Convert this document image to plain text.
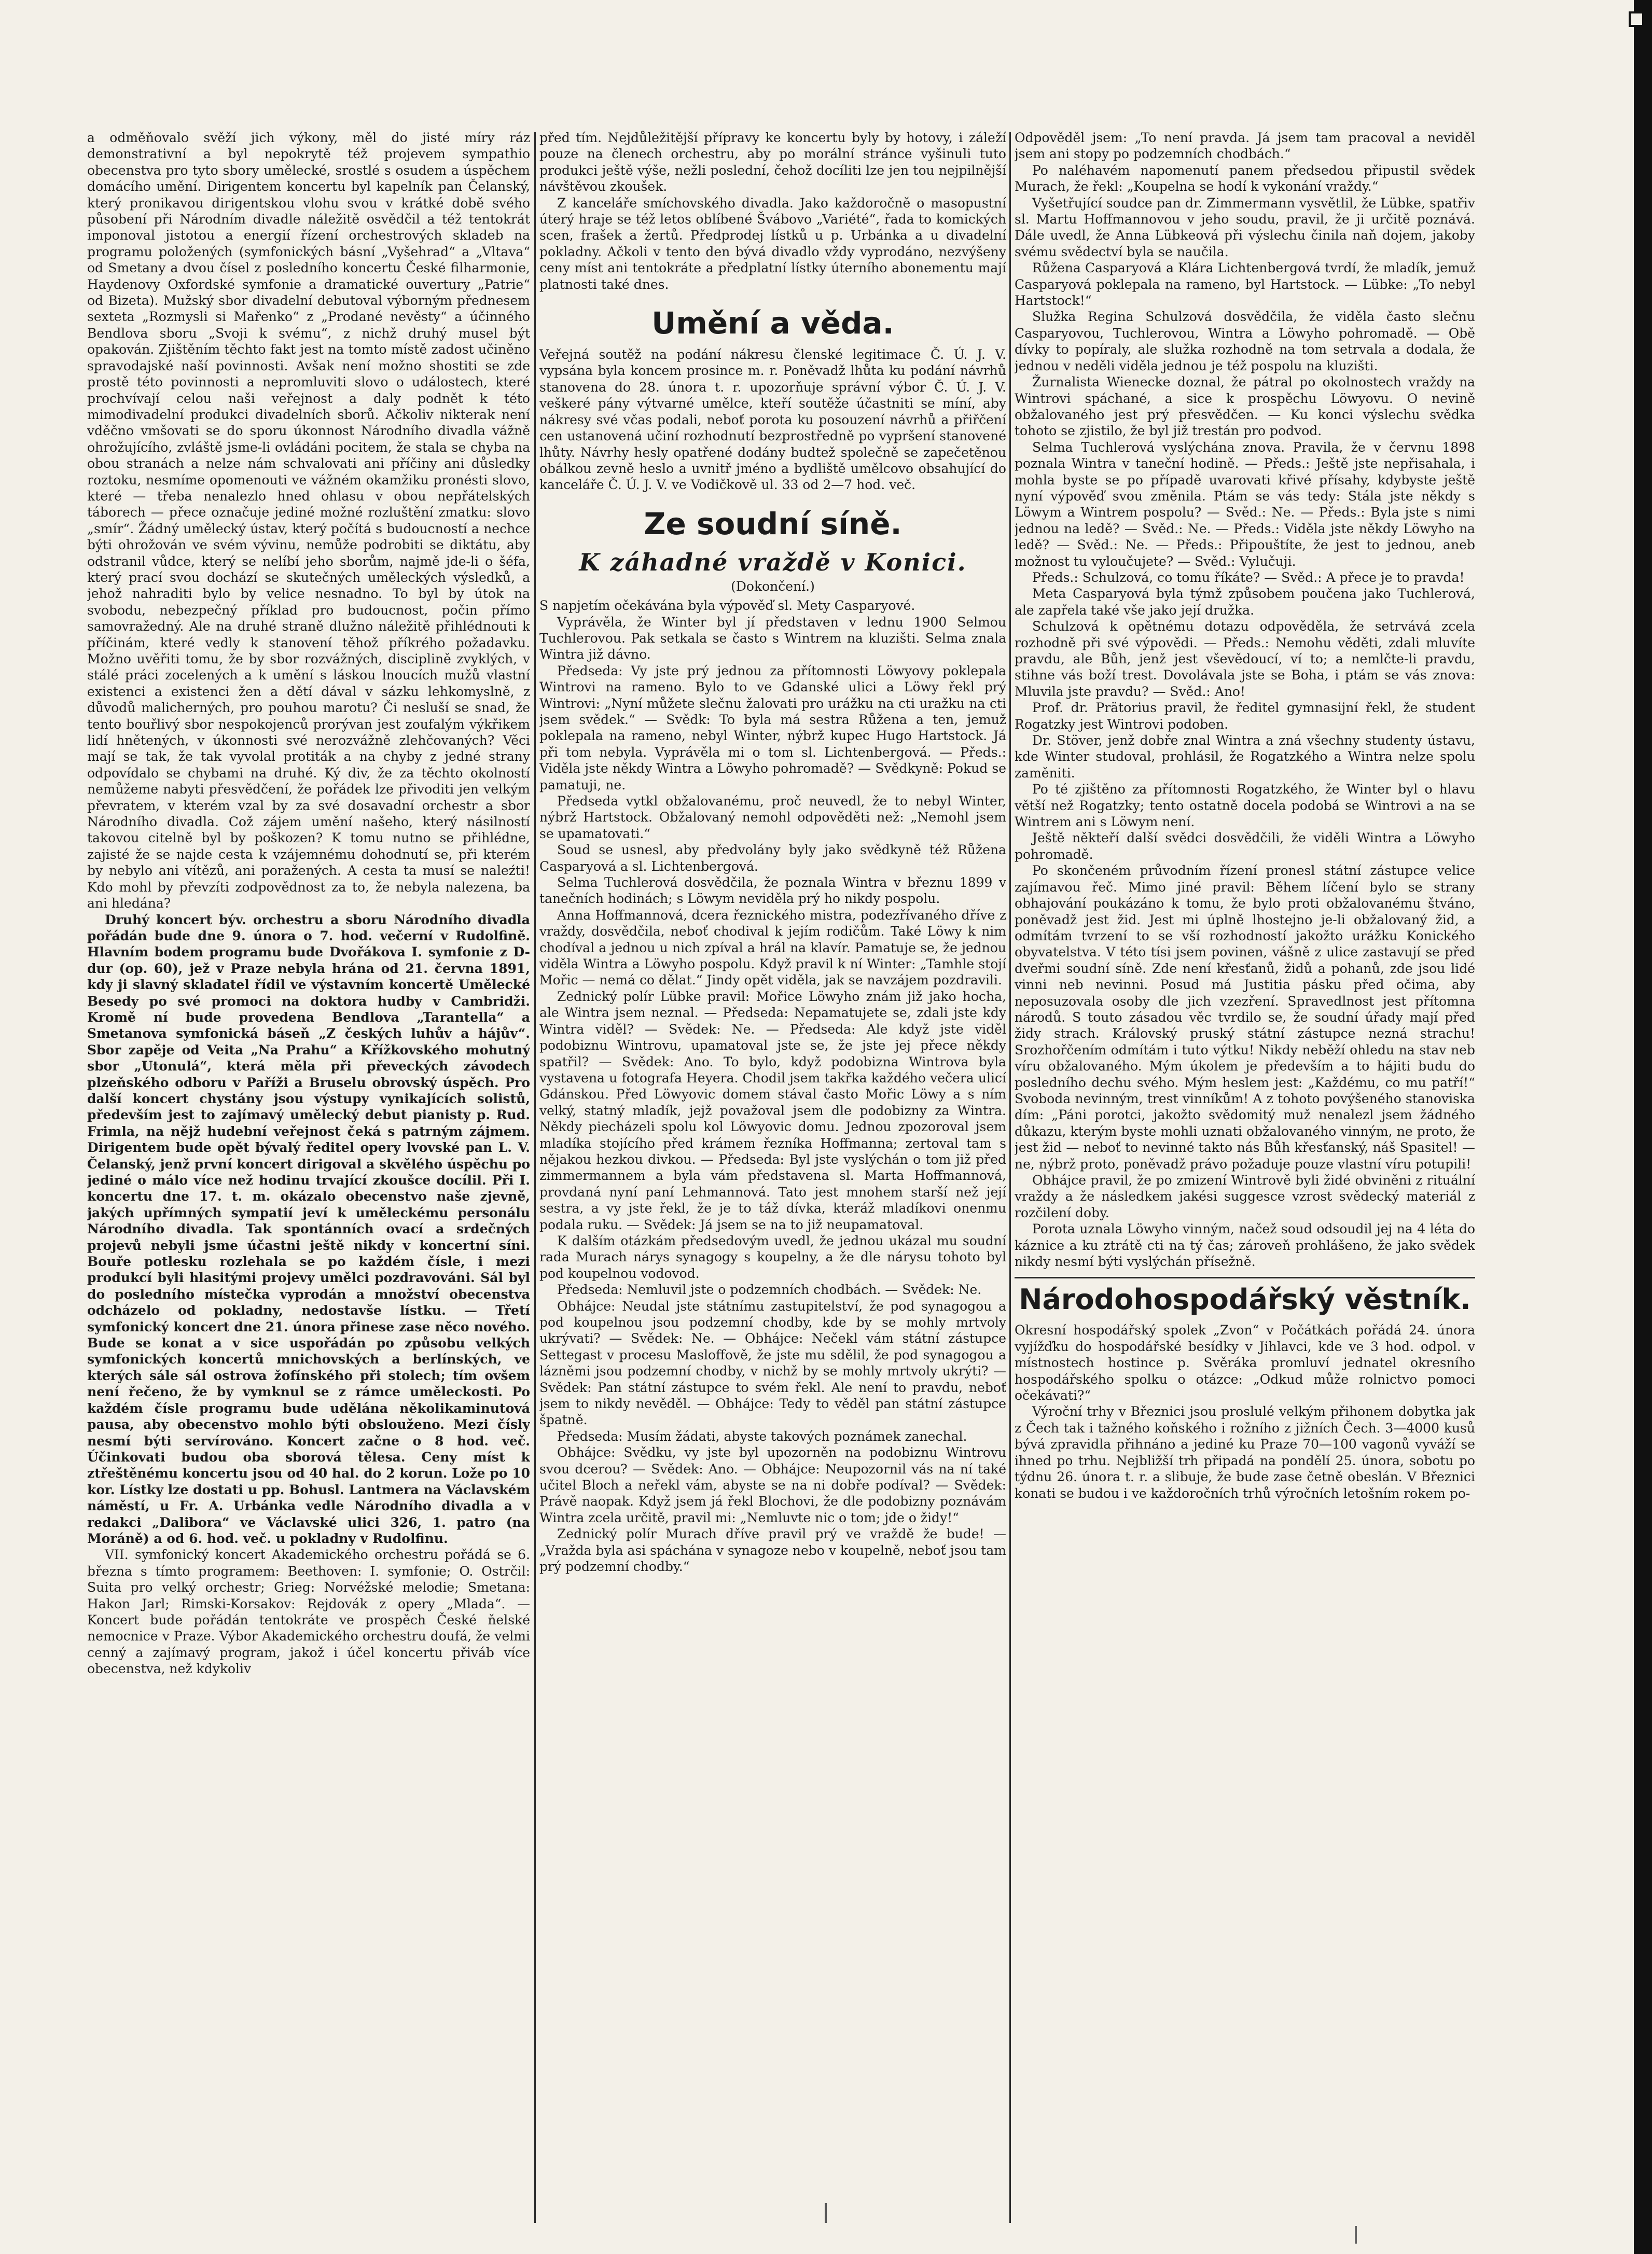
a odměňovalo svěží jich výkony, měl do jisté míry ráz demonstrativní a byl nepokrytě též projevem sympathio obecenstva pro tyto sbory umělecké, srostlé s osudem a úspěchem domácího umění. Dirigentem koncertu byl kapelník pan Čelanský, který pronikavou dirigentskou vlohu svou v krátké době svého působení při Národním divadle náležitě osvědčil a též tentokrát imponoval jistotou a energií řízení orchestrových skladeb na programu položených (symfonických básní „Vyšehrad“ a „Vltava“ od Smetany a dvou čísel z posledního koncertu České filharmonie, Haydenovy Oxfordské symfonie a dramatické ouvertury „Patrie“ od Bizeta). Mužský sbor divadelní debutoval výborným přednesem sexteta „Rozmysli si Mařenko“ z „Prodané nevěsty“ a účinného Bendlova sboru „Svoji k svému“, z nichž druhý musel být opakován. Zjištěním těchto fakt jest na tomto místě zadost učiněno spravodajské naší povinnosti. Avšak není možno shostiti se zde prostě této povinnosti a nepromluviti slovo o událostech, které prochvívají celou naši veřejnost a daly podnět k této mimodivadelní produkci divadelních sborů. Ačkoliv nikterak není vděčno vmšovati se do sporu úkonnost Národního divadla vážně ohrožujícího, zvláště jsme-li ovládáni pocitem, že stala se chyba na obou stranách a nelze nám schvalovati ani příčiny ani důsledky roztoku, nesmíme opomenouti ve vážném okamžiku pronésti slovo, které — třeba nenalezlo hned ohlasu v obou nepřátelských táborech — přece označuje jediné možné rozluštění zmatku: slovo „smír“. Žádný umělecký ústav, který počítá s budoucností a nechce býti ohrožován ve svém vývinu, nemůže podrobiti se diktátu, aby odstranil vůdce, který se nelíbí jeho sborům, najmě jde-li o šéfa, který prací svou dochází se skutečných uměleckých výsledků, a jehož nahraditi bylo by velice nesnadno. To byl by útok na svobodu, nebezpečný příklad pro budoucnost, počin přímo samovražedný. Ale na druhé straně dlužno náležitě přihlédnouti k příčinám, které vedly k stanovení těhož příkrého požadavku. Možno uvěřiti tomu, že by sbor rozvážných, disciplině zvyklých, v stálé práci zocelených a k umění s láskou lnoucích mužů vlastní existenci a existenci žen a dětí dával v sázku lehkomyslně, z důvodů malicherných, pro pouhou marotu? Či nesluší se snad, že tento bouřlivý sbor nespokojenců prorývan jest zoufalým výkřikem lidí hnětených, v úkonnosti své nerozvážně zlehčovaných? Věci mají se tak, že tak vyvolal protiták a na chyby z jedné strany odpovídalo se chybami na druhé. Ký div, že za těchto okolností nemůžeme nabyti přesvědčení, že pořádek lze přivoditi jen velkým převratem, v kterém vzal by za své dosavadní orchestr a sbor Národního divadla. Což zájem umění našeho, který násilností takovou citelně byl by poškozen? K tomu nutno se přihlédne, zajisté že se najde cesta k vzájemnému dohodnutí se, při kterém by nebylo ani vítězů, ani poražených. A cesta ta musí se naleźti! Kdo mohl by převzíti zodpovědnost za to, že nebyla nalezena, ba ani hledána?

Druhý koncert býv. orchestru a sboru Národního divadla pořádán bude dne 9. února o 7. hod. večerní v Rudolfině. Hlavním bodem programu bude Dvořákova I. symfonie z D-dur (op. 60), jež v Praze nebyla hrána od 21. června 1891, kdy ji slavný skladatel řídil ve výstavním koncertě Umělecké Besedy po své promoci na doktora hudby v Cambridži. Kromě ní bude provedena Bendlova „Tarantella“ a Smetanova symfonická báseň „Z českých luhův a hájův“. Sbor zapěje od Veita „Na Prahu“ a Křížkovského mohutný sbor „Utonulá“, která měla při převeckých závodech plzeňského odboru v Paříži a Bruselu obrovský úspěch. Pro další koncert chystány jsou výstupy vynikajících solistů, především jest to zajímavý umělecký debut pianisty p. Rud. Frimla, na nějž hudební veřejnost čeká s patrným zájmem. Dirigentem bude opět bývalý ředitel opery lvovské pan L. V. Čelanský, jenž první koncert dirigoval a skvělého úspěchu po jediné o málo více než hodinu trvající zkoušce docílil. Při I. koncertu dne 17. t. m. okázalo obecenstvo naše zjevně, jakých upřímných sympatií jeví k uměleckému personálu Národního divadla. Tak spontánních ovací a srdečných projevů nebyli jsme účastni ještě nikdy v koncertní síni. Bouře potlesku rozlehala se po každém čísle, i mezi produkcí byli hlasitými projevy umělci pozdravováni. Sál byl do posledního místečka vyprodán a množství obecenstva odcházelo od pokladny, nedostavše lístku. — Třetí symfonický koncert dne 21. února přinese zase něco nového. Bude se konat a v sice uspořádán po způsobu velkých symfonických koncertů mnichovských a berlínských, ve kterých sále sál ostrova žofínského při stolech; tím ovšem není řečeno, že by vymknul se z rámce uměleckosti. Po každém čísle programu bude udělána několikaminutová pausa, aby obecenstvo mohlo býti obslouženo. Mezi čísly nesmí býti servírováno. Koncert začne o 8 hod. več. Účinkovati budou oba sborová tělesa. Ceny míst k ztřeštěnému koncertu jsou od 40 hal. do 2 korun. Lože po 10 kor. Lístky lze dostati u pp. Bohusl. Lantmera na Václavském náměstí, u Fr. A. Urbánka vedle Národního divadla a v redakci „Dalibora“ ve Václavské ulici 326, 1. patro (na Moráně) a od 6. hod. več. u pokladny v Rudolfinu.

VII. symfonický koncert Akademického orchestru pořádá se 6. března s tímto programem: Beethoven: I. symfonie; O. Ostrčil: Suita pro velký orchestr; Grieg: Norvéžské melodie; Smetana: Hakon Jarl; Rimski-Korsakov: Rejdovák z opery „Mlada“. — Koncert bude pořádán tentokráte ve prospěch České ňelské nemocnice v Praze. Výbor Akademického orchestru doufá, že velmi cenný a zajímavý program, jakož i účel koncertu přiváb více obecenstva, než kdykoliv

před tím. Nejdůležitější přípravy ke koncertu byly by hotovy, i záleží pouze na členech orchestru, aby po morální stránce vyšinuli tuto produkci ještě výše, nežli poslední, čehož docíliti lze jen tou nejpilnější návštěvou zkoušek.

Z kanceláře smíchovského divadla. Jako každoročně o masopustní úterý hraje se též letos oblíbené Švábovo „Variété“, řada to komických scen, frašek a žertů. Předprodej lístků u p. Urbánka a u divadelní pokladny. Ačkoli v tento den bývá divadlo vždy vyprodáno, nezvýšeny ceny míst ani tentokráte a předplatní lístky úterního abonementu mají platnosti také dnes.

Umění a věda.

Veřejná soutěž na podání nákresu členské legitimace Č. Ú. J. V. vypsána byla koncem prosince m. r. Poněvadž lhůta ku podání návrhů stanovena do 28. února t. r. upozorňuje správní výbor Č. Ú. J. V. veškeré pány výtvarné umělce, kteří soutěže účastniti se míní, aby nákresy své včas podali, neboť porota ku posouzení návrhů a přiřčení cen ustanovená učiní rozhodnutí bezprostředně po vypršení stanovené lhůty. Návrhy hesly opatřené dodány budtež společně se zapečetěnou obálkou zevně heslo a uvnitř jméno a bydliště umělcovo obsahující do kanceláře Č. Ú. J. V. ve Vodičkově ul. 33 od 2—7 hod. več.

Ze soudní síně.
K záhadné vraždě v Konici.
(Dokončení.)

S napjetím očekávána byla výpověď sl. Mety Casparyové.

Vyprávěla, že Winter byl jí představen v lednu 1900 Selmou Tuchlerovou. Pak setkala se často s Wintrem na kluzišti. Selma znala Wintra již dávno.

Předseda: Vy jste prý jednou za přítomnosti Löwyovy poklepala Wintrovi na rameno. Bylo to ve Gdanské ulici a Löwy řekl prý Wintrovi: „Nyní můžete slečnu žalovati pro urážku na cti uražku na cti jsem svědek.“ — Svědk: To byla má sestra Růžena a ten, jemuž poklepala na rameno, nebyl Winter, nýbrž kupec Hugo Hartstock. Já při tom nebyla. Vyprávěla mi o tom sl. Lichtenbergová. — Předs.: Viděla jste někdy Wintra a Löwyho pohromadě? — Svědkyně: Pokud se pamatuji, ne.

Předseda vytkl obžalovanému, proč neuvedl, že to nebyl Winter, nýbrž Hartstock. Obžalovaný nemohl odpověděti než: „Nemohl jsem se upamatovati.“

Soud se usnesl, aby předvolány byly jako svědkyně též Růžena Casparyová a sl. Lichtenbergová.

Selma Tuchlerová dosvědčila, že poznala Wintra v březnu 1899 v tanečních hodinách; s Löwym neviděla prý ho nikdy pospolu.

Anna Hoffmannová, dcera řeznického mistra, podezřívaného dříve z vraždy, dosvědčila, neboť chodival k jejím rodičům. Také Löwy k nim chodíval a jednou u nich zpíval a hrál na klavír. Pamatuje se, že jednou viděla Wintra a Löwyho pospolu. Když pravil k ní Winter: „Tamhle stojí Mořic — nemá co dělat.“ Jindy opět viděla, jak se navzájem pozdravili.

Zednický polír Lübke pravil: Mořice Löwyho znám již jako hocha, ale Wintra jsem neznal. — Předseda: Nepamatujete se, zdali jste kdy Wintra viděl? — Svědek: Ne. — Předseda: Ale když jste viděl podobiznu Wintrovu, upamatoval jste se, že jste jej přece někdy spatřil? — Svědek: Ano. To bylo, když podobizna Wintrova byla vystavena u fotografa Heyera. Chodil jsem takřka každého večera ulicí Gdánskou. Před Löwyovic domem stával často Mořic Löwy a s ním velký, statný mladík, jejž považoval jsem dle podobizny za Wintra. Někdy piecházeli spolu kol Löwyovic domu. Jednou zpozoroval jsem mladíka stojícího před krámem řezníka Hoffmanna; zertoval tam s nějakou hezkou divkou. — Předseda: Byl jste vyslýchán o tom již před zimmermannem a byla vám představena sl. Marta Hoffmannová, provdaná nyní paní Lehmannová. Tato jest mnohem starší než její sestra, a vy jste řekl, že je to táž dívka, kteráž mladíkovi onenmu podala ruku. — Svědek: Já jsem se na to již neupamatoval.

K dalším otázkám předsedovým uvedl, že jednou ukázal mu soudní rada Murach nárys synagogy s koupelny, a že dle nárysu tohoto byl pod koupelnou vodovod.

Předseda: Nemluvil jste o podzemních chodbách. — Svědek: Ne.

Obhájce: Neudal jste státnímu zastupitelství, že pod synagogou a pod koupelnou jsou podzemní chodby, kde by se mohly mrtvoly ukrývati? — Svědek: Ne. — Obhájce: Nečekl vám státní zástupce Settegast v procesu Masloffově, že jste mu sdělil, že pod synagogou a lázněmi jsou podzemní chodby, v nichž by se mohly mrtvoly ukrýti? — Svědek: Pan státní zástupce to svém řekl. Ale není to pravdu, neboť jsem to nikdy nevěděl. — Obhájce: Tedy to věděl pan státní zástupce špatně.

Předseda: Musím žádati, abyste takových poznámek zanechal.

Obhájce: Svědku, vy jste byl upozorněn na podobiznu Wintrovu svou dcerou? — Svědek: Ano. — Obhájce: Neupozornil vás na ní také učitel Bloch a neřekl vám, abyste se na ni dobře podíval? — Svědek: Právě naopak. Když jsem já řekl Blochovi, že dle podobizny poznávám Wintra zcela určitě, pravil mi: „Nemluvte nic o tom; jde o židy!“

Zednický polír Murach dříve pravil prý ve vraždě že bude! — „Vražda byla asi spáchána v synagoze nebo v koupelně, neboť jsou tam prý podzemní chodby.“

Odpověděl jsem: „To není pravda. Já jsem tam pracoval a neviděl jsem ani stopy po podzemních chodbách.“

Po naléhavém napomenutí panem předsedou připustil svědek Murach, že řekl: „Koupelna se hodí k vykonání vraždy.“

Vyšetřující soudce pan dr. Zimmermann vysvětlil, že Lübke, spatřiv sl. Martu Hoffmannovou v jeho soudu, pravil, že ji určitě poznává. Dále uvedl, že Anna Lübkeová při výslechu činila naň dojem, jakoby svému svědectví byla se naučila.

Růžena Casparyová a Klára Lichtenbergová tvrdí, že mladík, jemuž Casparyová poklepala na rameno, byl Hartstock. — Lübke: „To nebyl Hartstock!“

Služka Regina Schulzová dosvědčila, že viděla často slečnu Casparyovou, Tuchlerovou, Wintra a Löwyho pohromadě. — Obě dívky to popíraly, ale služka rozhodně na tom setrvala a dodala, že jednou v neděli viděla jednou je též pospolu na kluzišti.

Žurnalista Wienecke doznal, že pátral po okolnostech vraždy na Wintrovi spáchané, a sice k prospěchu Löwyovu. O nevině obžalovaného jest prý přesvědčen. — Ku konci výslechu svědka tohoto se zjistilo, že byl již trestán pro podvod.

Selma Tuchlerová vyslýchána znova. Pravila, že v červnu 1898 poznala Wintra v taneční hodině. — Předs.: Ještě jste nepřisahala, i mohla byste se po případě uvarovati křivé přísahy, kdybyste ještě nyní výpověď svou změnila. Ptám se vás tedy: Stála jste někdy s Löwym a Wintrem pospolu? — Svěd.: Ne. — Předs.: Byla jste s nimi jednou na ledě? — Svěd.: Ne. — Předs.: Viděla jste někdy Löwyho na ledě? — Svěd.: Ne. — Předs.: Připouštíte, že jest to jednou, aneb možnost tu vyloučujete? — Svěd.: Vylučuji.

Předs.: Schulzová, co tomu říkáte? — Svěd.: A přece je to pravda!

Meta Casparyová byla týmž způsobem poučena jako Tuchlerová, ale zapřela také vše jako její družka.

Schulzová k opětnému dotazu odpověděla, že setrvává zcela rozhodně při své výpovědi. — Předs.: Nemohu věděti, zdali mluvíte pravdu, ale Bůh, jenž jest vševědoucí, ví to; a nemlčte-li pravdu, stihne vás boží trest. Dovolávala jste se Boha, i ptám se vás znova: Mluvila jste pravdu? — Svěd.: Ano!

Prof. dr. Prätorius pravil, že ředitel gymnasijní řekl, že student Rogatzky jest Wintrovi podoben.

Dr. Stöver, jenž dobře znal Wintra a zná všechny studenty ústavu, kde Winter studoval, prohlásil, že Rogatzkého a Wintra nelze spolu zaměniti.

Po té zjištěno za přítomnosti Rogatzkého, že Winter byl o hlavu větší než Rogatzky; tento ostatně docela podobá se Wintrovi a na se Wintrem ani s Löwym není.

Ještě někteří další svědci dosvědčili, že viděli Wintra a Löwyho pohromadě.

Po skončeném průvodním řízení pronesl státní zástupce velice zajímavou řeč. Mimo jiné pravil: Během líčení bylo se strany obhajování poukázáno k tomu, že bylo proti obžalovanému štváno, poněvadž jest žid. Jest mi úplně lhostejno je-li obžalovaný žid, a odmítám tvrzení to se vší rozhodností jakožto urážku Konického obyvatelstva. V této tísi jsem povinen, vášně z ulice zastavují se před dveřmi soudní síně. Zde není křesťanů, židů a pohanů, zde jsou lidé vinni neb nevinni. Posud má Justitia pásku před očima, aby neposuzovala osoby dle jich vzezření. Spravedlnost jest přítomna národů. S touto zásadou věc tvrdilo se, že soudní úřady mají před židy strach. Královský pruský státní zástupce nezná strachu! Srozhořčením odmítám i tuto výtku! Nikdy neběží ohledu na stav neb víru obžalovaného. Mým úkolem je především a to hájiti budu do posledního dechu svého. Mým heslem jest: „Každému, co mu patří!“ Svoboda nevinným, trest vinníkům! A z tohoto povýšeného stanoviska dím: „Páni porotci, jakožto svědomitý muž nenalezl jsem žádného důkazu, kterým byste mohli uznati obžalovaného vinným, ne proto, že jest žid — neboť to nevinné takto nás Bůh křesťanský, náš Spasitel! — ne, nýbrž proto, poněvadž právo požaduje pouze vlastní víru potupili!

Obhájce pravil, že po zmizení Wintrově byli židé obviněni z rituální vraždy a že následkem jakési suggesce vzrost svědecký materiál z rozčilení doby.

Porota uznala Löwyho vinným, načež soud odsoudil jej na 4 léta do káznice a ku ztrátě cti na tý čas; zároveň prohlášeno, že jako svědek nikdy nesmí býti vyslýchán přísežně.

Národohospodářský věstník.

Okresní hospodářský spolek „Zvon“ v Počátkách pořádá 24. února vyjížďku do hospodářské besídky v Jihlavci, kde ve 3 hod. odpol. v místnostech hostince p. Svěráka promluví jednatel okresního hospodářského spolku o otázce: „Odkud může rolnictvo pomoci očekávati?“

Výroční trhy v Březnici jsou proslulé velkým přihonem dobytka jak z Čech tak i tažného koňského i rožního z jižních Čech. 3—4000 kusů bývá zpravidla přihnáno a jediné ku Praze 70—100 vagonů vyváží se ihned po trhu. Nejbližší trh připadá na pondělí 25. února, sobotu po týdnu 26. února t. r. a slibuje, že bude zase četně obeslán. V Březnici konati se budou i ve každoročních trhů výročních letošním rokem po-
